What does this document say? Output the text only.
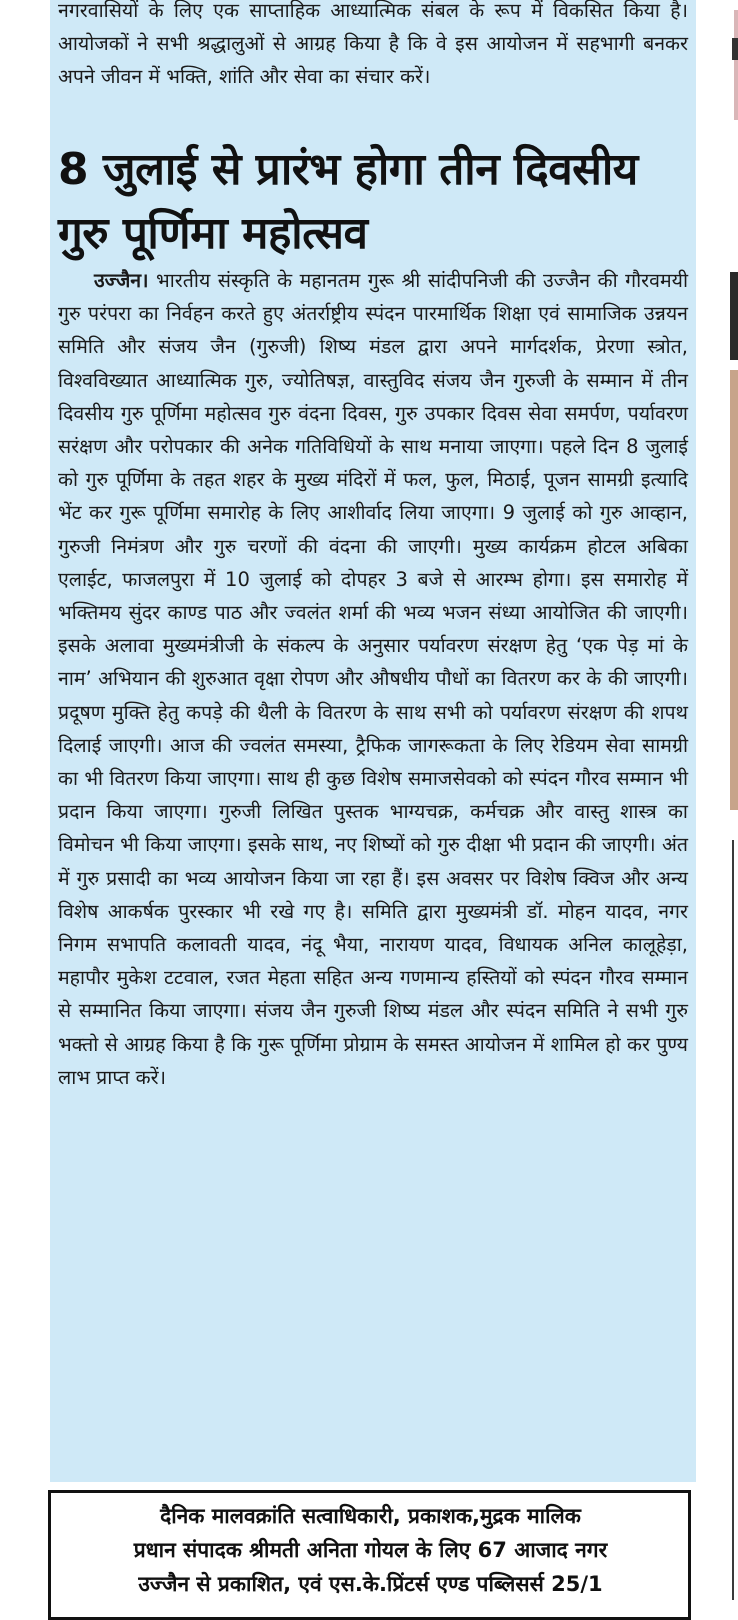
नगरवासियों के लिए एक साप्ताहिक आध्यात्मिक संबल के रूप में विकसित किया है। आयोजकों ने सभी श्रद्धालुओं से आग्रह किया है कि वे इस आयोजन में सहभागी बनकर अपने जीवन में भक्ति, शांति और सेवा का संचार करें।

8 जुलाई से प्रारंभ होगा तीन दिवसीय
गुरु पूर्णिमा महोत्सव

उज्जैन। भारतीय संस्कृति के महानतम गुरू श्री सांदीपनिजी की उज्जैन की गौरवमयी गुरु परंपरा का निर्वहन करते हुए अंतर्राष्ट्रीय स्पंदन पारमार्थिक शिक्षा एवं सामाजिक उन्नयन समिति और संजय जैन (गुरुजी) शिष्य मंडल द्वारा अपने मार्गदर्शक, प्रेरणा स्त्रोत, विश्वविख्यात आध्यात्मिक गुरु, ज्योतिषज्ञ, वास्तुविद संजय जैन गुरुजी के सम्मान में तीन दिवसीय गुरु पूर्णिमा महोत्सव गुरु वंदना दिवस, गुरु उपकार दिवस सेवा समर्पण, पर्यावरण सरंक्षण और परोपकार की अनेक गतिविधियों के साथ मनाया जाएगा। पहले दिन 8 जुलाई को गुरु पूर्णिमा के तहत शहर के मुख्य मंदिरों में फल, फुल, मिठाई, पूजन सामग्री इत्यादि भेंट कर गुरू पूर्णिमा समारोह के लिए आशीर्वाद लिया जाएगा। 9 जुलाई को गुरु आव्हान, गुरुजी निमंत्रण और गुरु चरणों की वंदना की जाएगी। मुख्य कार्यक्रम होटल अबिका एलाईट, फाजलपुरा में 10 जुलाई को दोपहर 3 बजे से आरम्भ होगा। इस समारोह में भक्तिमय सुंदर काण्ड पाठ और ज्वलंत शर्मा की भव्य भजन संध्या आयोजित की जाएगी। इसके अलावा मुख्यमंत्रीजी के संकल्प के अनुसार पर्यावरण संरक्षण हेतु ‘एक पेड़ मां के नाम’ अभियान की शुरुआत वृक्षा रोपण और औषधीय पौधों का वितरण कर के की जाएगी। प्रदूषण मुक्ति हेतु कपड़े की थैली के वितरण के साथ सभी को पर्यावरण संरक्षण की शपथ दिलाई जाएगी। आज की ज्वलंत समस्या, ट्रैफिक जागरूकता के लिए रेडियम सेवा सामग्री का भी वितरण किया जाएगा। साथ ही कुछ विशेष समाजसेवको को स्पंदन गौरव सम्मान भी प्रदान किया जाएगा। गुरुजी लिखित पुस्तक भाग्यचक्र, कर्मचक्र और वास्तु शास्त्र का विमोचन भी किया जाएगा। इसके साथ, नए शिष्यों को गुरु दीक्षा भी प्रदान की जाएगी। अंत में गुरु प्रसादी का भव्य आयोजन किया जा रहा हैं। इस अवसर पर विशेष क्विज और अन्य विशेष आकर्षक पुरस्कार भी रखे गए है। समिति द्वारा मुख्यमंत्री डॉ. मोहन यादव, नगर निगम सभापति कलावती यादव, नंदू भैया, नारायण यादव, विधायक अनिल कालूहेड़ा, महापौर मुकेश टटवाल, रजत मेहता सहित अन्य गणमान्य हस्तियों को स्पंदन गौरव सम्मान से सम्मानित किया जाएगा। संजय जैन गुरुजी शिष्य मंडल और स्पंदन समिति ने सभी गुरु भक्तो से आग्रह किया है कि गुरू पूर्णिमा प्रोग्राम के समस्त आयोजन में शामिल हो कर पुण्य लाभ प्राप्त करें।

दैनिक मालवक्रांति सत्वाधिकारी, प्रकाशक,मुद्रक मालिक

प्रधान संपादक श्रीमती अनिता गोयल के लिए 67 आजाद नगर

उज्जैन से प्रकाशित, एवं एस.के.प्रिंटर्स एण्ड पब्लिसर्स 25/1
